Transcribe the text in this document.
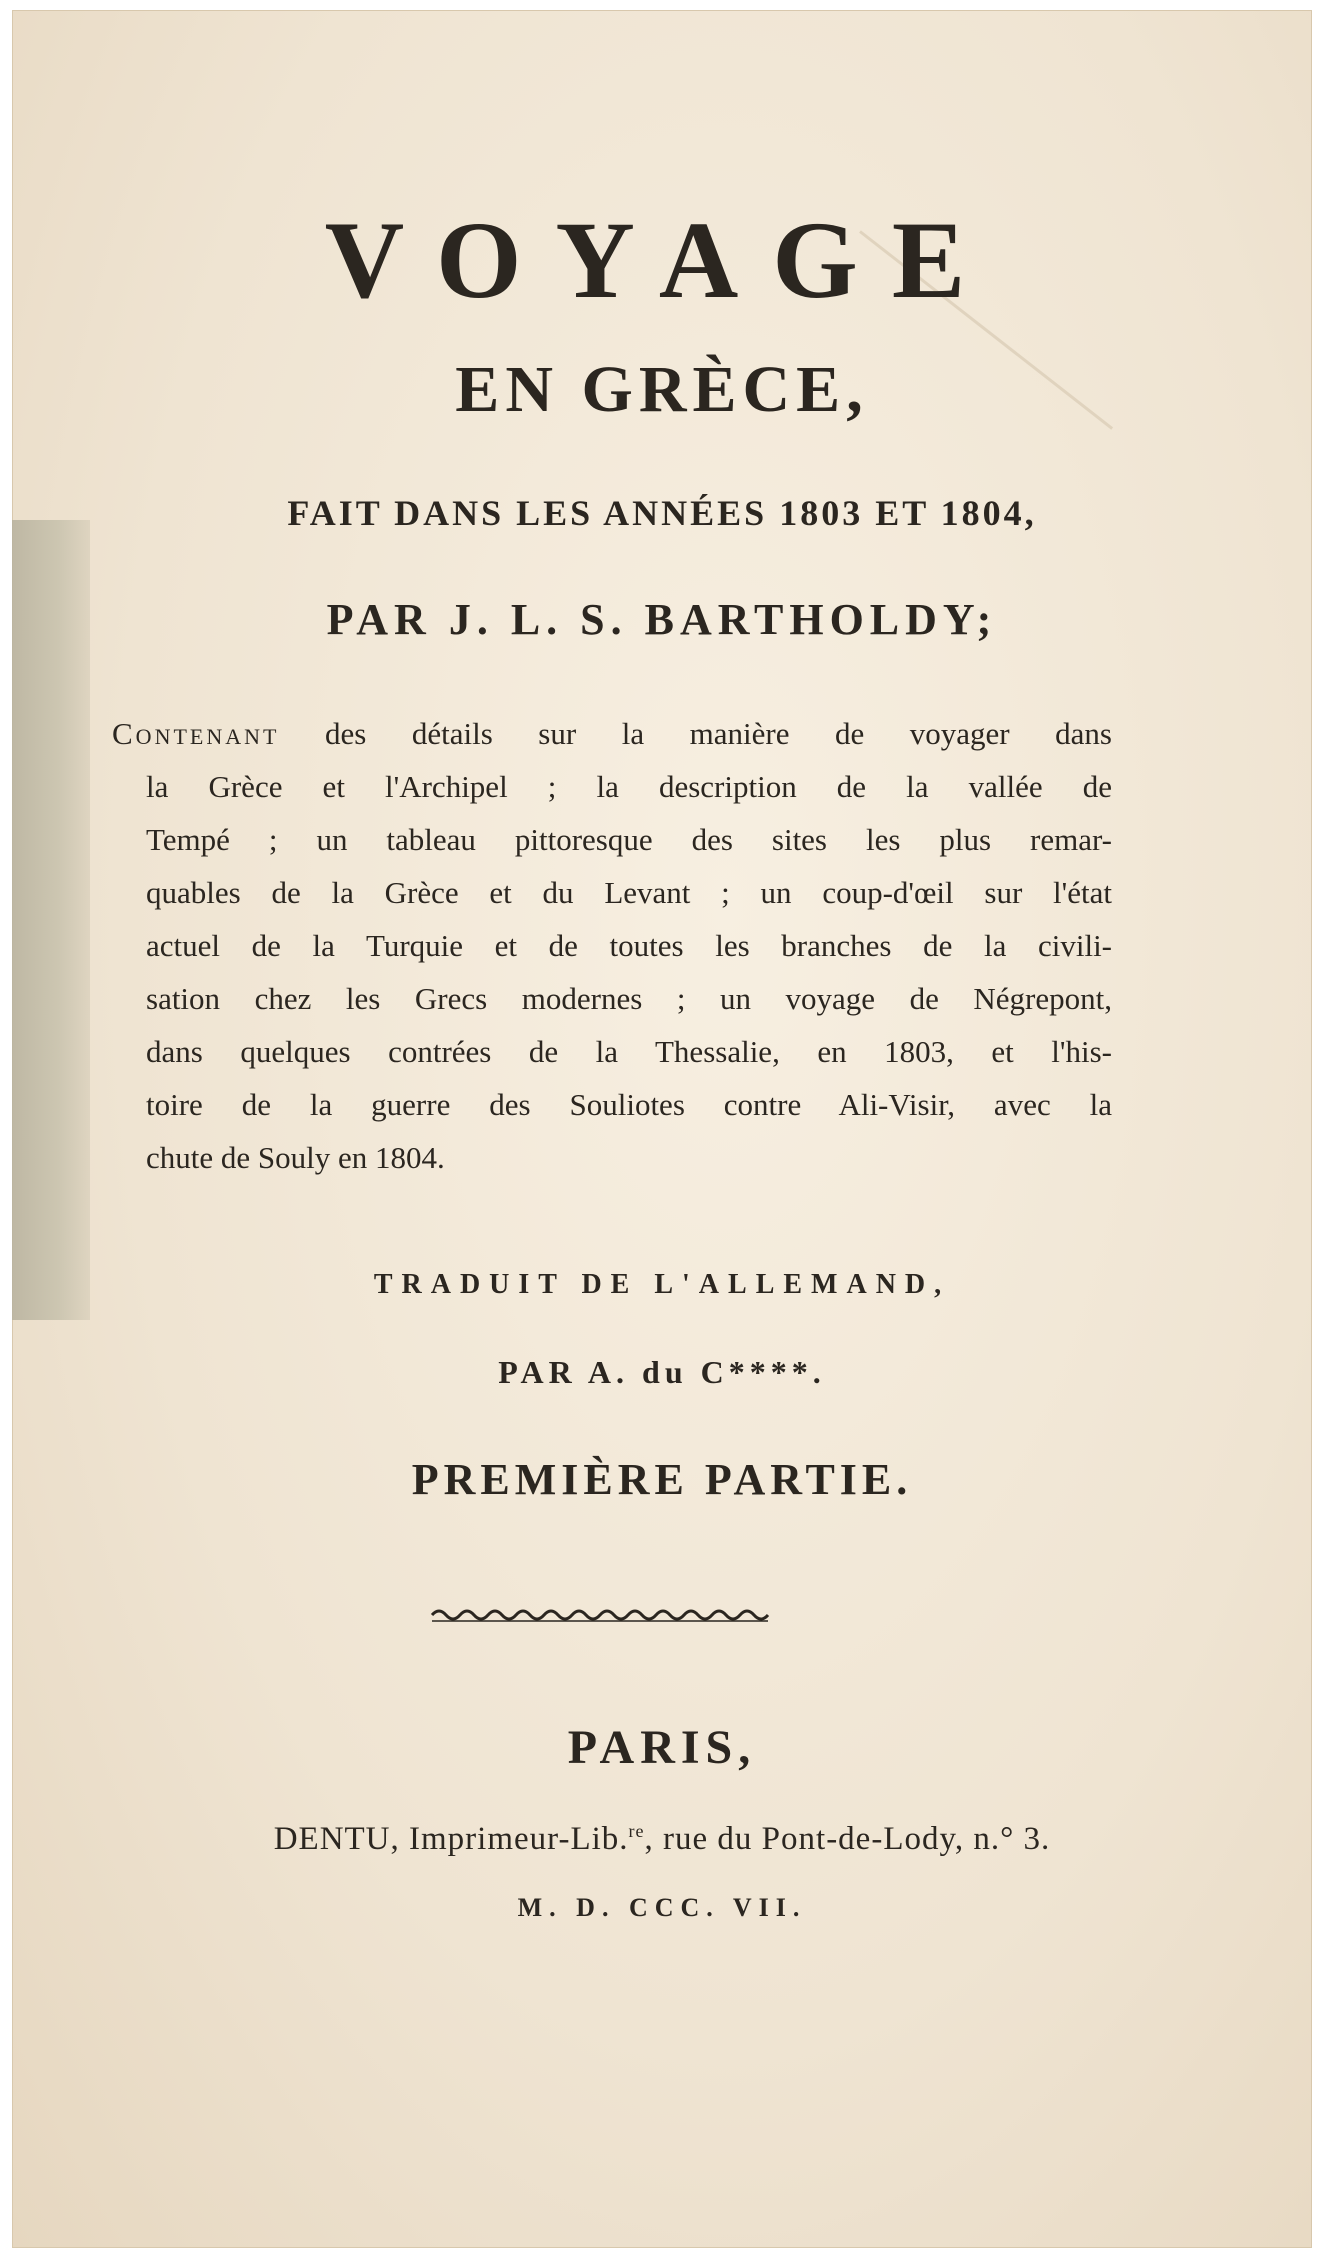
VOYAGE
EN GRÈCE,
FAIT DANS LES ANNÉES 1803 ET 1804,
PAR J. L. S. BARTHOLDY;
Contenant des détails sur la manière de voyager dans
la Grèce et l'Archipel ; la description de la vallée de
Tempé ; un tableau pittoresque des sites les plus remar-
quables de la Grèce et du Levant ; un coup-d'œil sur l'état
actuel de la Turquie et de toutes les branches de la civili-
sation chez les Grecs modernes ; un voyage de Négrepont,
dans quelques contrées de la Thessalie, en 1803, et l'his-
toire de la guerre des Souliotes contre Ali-Visir, avec la
chute de Souly en 1804.
TRADUIT DE L'ALLEMAND,
PAR A. du C****.
PREMIÈRE PARTIE.
PARIS,
DENTU, Imprimeur-Lib.$^{re}$, rue du Pont-de-Lody, n.° 3.
M. D. CCC. VII.
